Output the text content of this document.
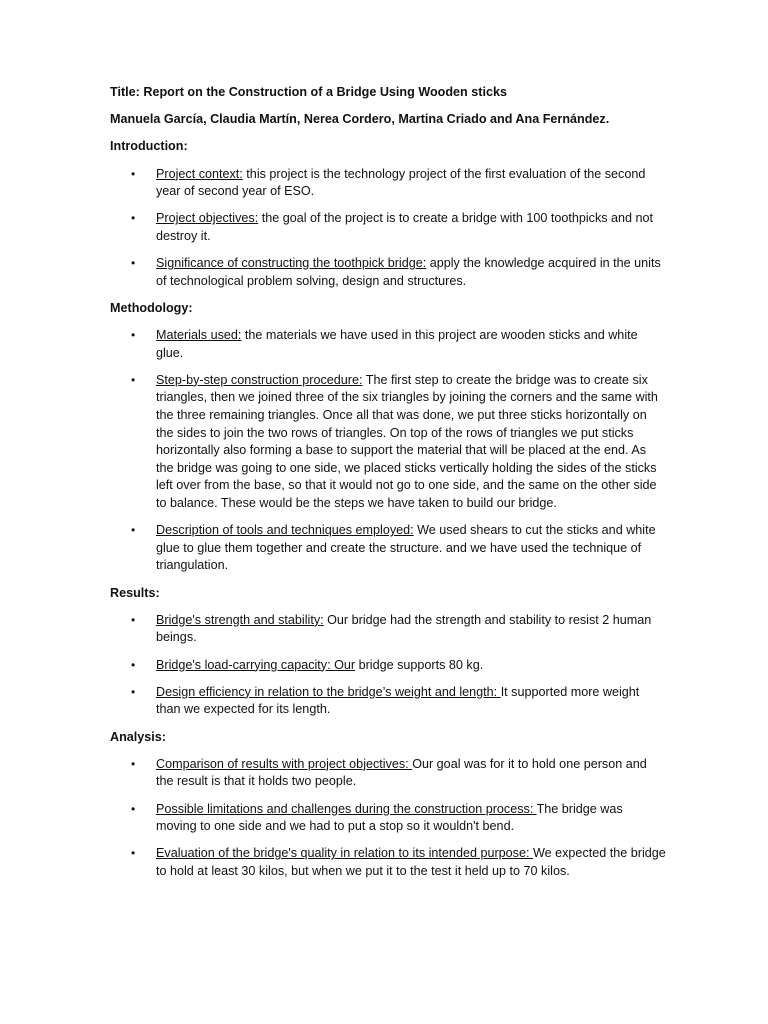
Title: Report on the Construction of a Bridge Using Wooden sticks

Manuela García, Claudia Martín, Nerea Cordero, Martina Criado and Ana Fernández.

Introduction:

• Project context: this project is the technology project of the first evaluation of the second year of second year of ESO.
• Project objectives: the goal of the project is to create a bridge with 100 toothpicks and not destroy it.
• Significance of constructing the toothpick bridge: apply the knowledge acquired in the units of technological problem solving, design and structures.

Methodology:

• Materials used: the materials we have used in this project are wooden sticks and white glue.
• Step-by-step construction procedure: The first step to create the bridge was to create six triangles, then we joined three of the six triangles by joining the corners and the same with the three remaining triangles. Once all that was done, we put three sticks horizontally on the sides to join the two rows of triangles. On top of the rows of triangles we put sticks horizontally also forming a base to support the material that will be placed at the end. As the bridge was going to one side, we placed sticks vertically holding the sides of the sticks left over from the base, so that it would not go to one side, and the same on the other side to balance. These would be the steps we have taken to build our bridge.
• Description of tools and techniques employed: We used shears to cut the sticks and white glue to glue them together and create the structure. and we have used the technique of triangulation.

Results:

• Bridge's strength and stability: Our bridge had the strength and stability to resist 2 human beings.
• Bridge's load-carrying capacity: Our bridge supports 80 kg.
• Design efficiency in relation to the bridge’s weight and length: It supported more weight than we expected for its length.

Analysis:

• Comparison of results with project objectives: Our goal was for it to hold one person and the result is that it holds two people.
• Possible limitations and challenges during the construction process: The bridge was moving to one side and we had to put a stop so it wouldn't bend.
• Evaluation of the bridge's quality in relation to its intended purpose: We expected the bridge to hold at least 30 kilos, but when we put it to the test it held up to 70 kilos.
